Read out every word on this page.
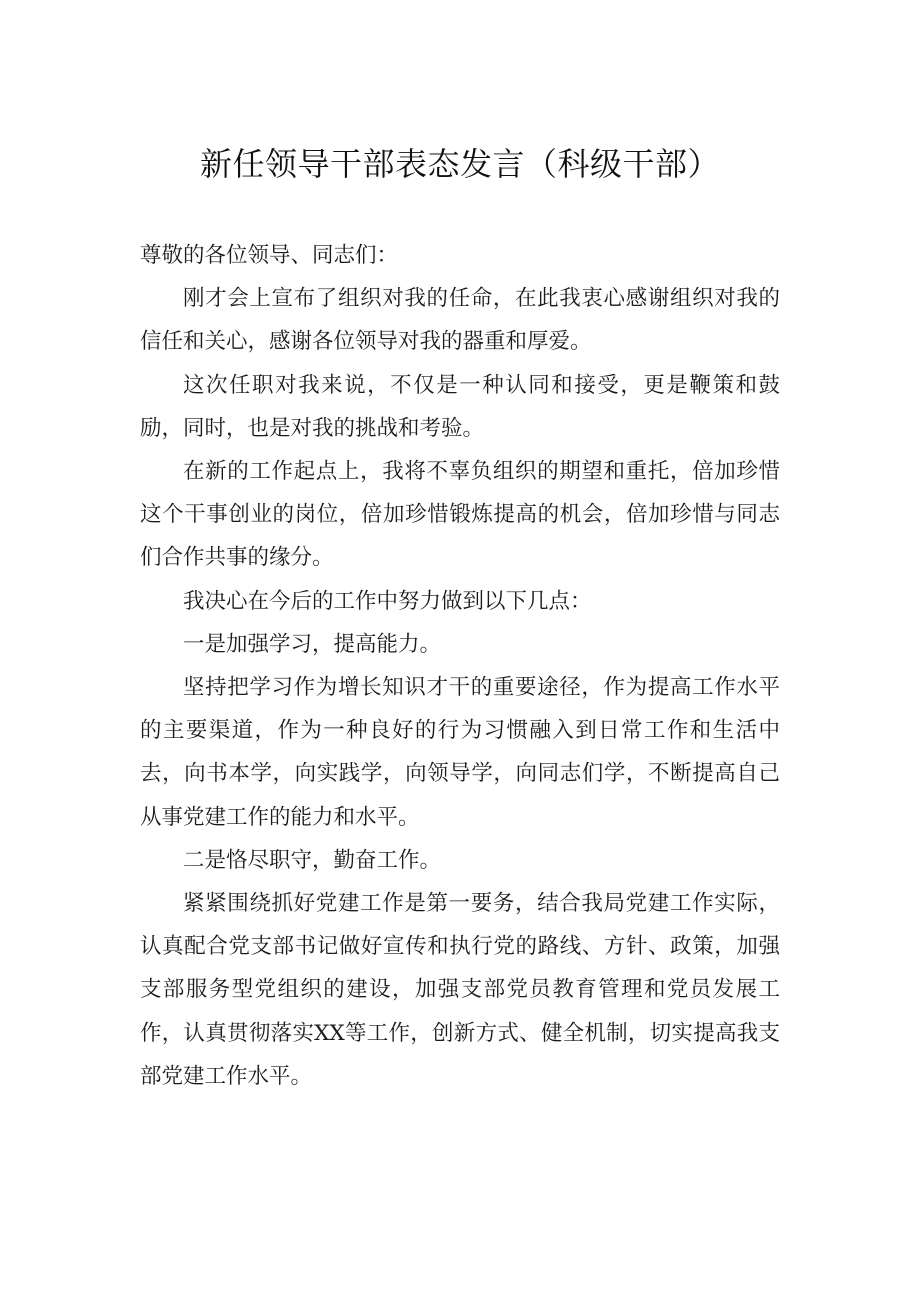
新任领导干部表态发言（科级干部）

尊敬的各位领导、同志们：

刚才会上宣布了组织对我的任命，在此我衷心感谢组织对我的信任和关心，感谢各位领导对我的器重和厚爱。

这次任职对我来说，不仅是一种认同和接受，更是鞭策和鼓励，同时，也是对我的挑战和考验。

在新的工作起点上，我将不辜负组织的期望和重托，倍加珍惜这个干事创业的岗位，倍加珍惜锻炼提高的机会，倍加珍惜与同志们合作共事的缘分。

我决心在今后的工作中努力做到以下几点：

一是加强学习，提高能力。

坚持把学习作为增长知识才干的重要途径，作为提高工作水平的主要渠道，作为一种良好的行为习惯融入到日常工作和生活中去，向书本学，向实践学，向领导学，向同志们学，不断提高自己从事党建工作的能力和水平。

二是恪尽职守，勤奋工作。

紧紧围绕抓好党建工作是第一要务，结合我局党建工作实际，认真配合党支部书记做好宣传和执行党的路线、方针、政策，加强支部服务型党组织的建设，加强支部党员教育管理和党员发展工作，认真贯彻落实XX等工作，创新方式、健全机制，切实提高我支部党建工作水平。
